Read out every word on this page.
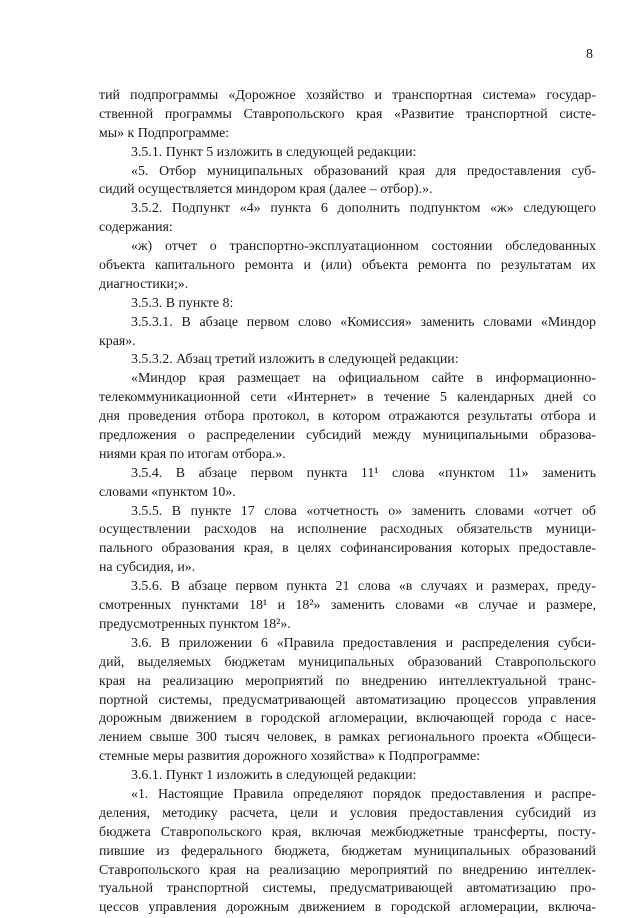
8
тий подпрограммы «Дорожное хозяйство и транспортная система» государ-
ственной программы Ставропольского края «Развитие транспортной систе-
мы» к Подпрограмме:
3.5.1. Пункт 5 изложить в следующей редакции:
«5. Отбор муниципальных образований края для предоставления суб-
сидий осуществляется миндором края (далее – отбор).».
3.5.2. Подпункт «4» пункта 6 дополнить подпунктом «ж» следующего
содержания:
«ж) отчет о транспортно-эксплуатационном состоянии обследованных
объекта капитального ремонта и (или) объекта ремонта по результатам их
диагностики;».
3.5.3. В пункте 8:
3.5.3.1. В абзаце первом слово «Комиссия» заменить словами «Миндор
края».
3.5.3.2. Абзац третий изложить в следующей редакции:
«Миндор края размещает на официальном сайте в информационно-
телекоммуникационной сети «Интернет» в течение 5 календарных дней со
дня проведения отбора протокол, в котором отражаются результаты отбора и
предложения о распределении субсидий между муниципальными образова-
ниями края по итогам отбора.».
3.5.4. В абзаце первом пункта 11¹ слова «пунктом 11» заменить
словами «пунктом 10».
3.5.5. В пункте 17 слова «отчетность о» заменить словами «отчет об
осуществлении расходов на исполнение расходных обязательств муници-
пального образования края, в целях софинансирования которых предоставле-
на субсидия, и».
3.5.6. В абзаце первом пункта 21 слова «в случаях и размерах, преду-
смотренных пунктами 18¹ и 18²» заменить словами «в случае и размере,
предусмотренных пунктом 18²».
3.6. В приложении 6 «Правила предоставления и распределения субси-
дий, выделяемых бюджетам муниципальных образований Ставропольского
края на реализацию мероприятий по внедрению интеллектуальной транс-
портной системы, предусматривающей автоматизацию процессов управления
дорожным движением в городской агломерации, включающей города с насе-
лением свыше 300 тысяч человек, в рамках регионального проекта «Общеси-
стемные меры развития дорожного хозяйства» к Подпрограмме:
3.6.1. Пункт 1 изложить в следующей редакции:
«1. Настоящие Правила определяют порядок предоставления и распре-
деления, методику расчета, цели и условия предоставления субсидий из
бюджета Ставропольского края, включая межбюджетные трансферты, посту-
пившие из федерального бюджета, бюджетам муниципальных образований
Ставропольского края на реализацию мероприятий по внедрению интеллек-
туальной транспортной системы, предусматривающей автоматизацию про-
цессов управления дорожным движением в городской агломерации, включа-
